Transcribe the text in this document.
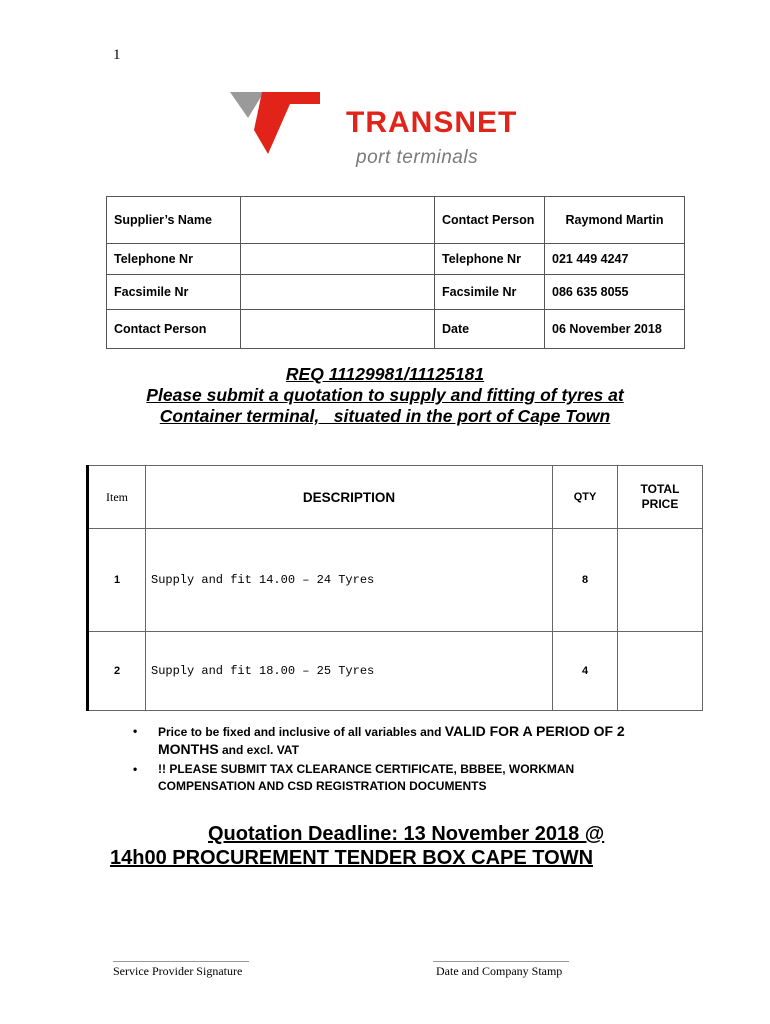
1
TRANSNET
port terminals
Supplier’s Name		Contact Person	Raymond Martin
Telephone Nr		Telephone Nr	021 449 4247
Facsimile Nr		Facsimile Nr	086 635 8055
Contact Person		Date	06 November 2018
REQ 11129981/11125181
Please submit a quotation to supply and fitting of tyres at
Container terminal,   situated in the port of Cape Town
Item	DESCRIPTION	QTY	TOTAL
PRICE

1	Supply and fit 14.00 – 24 Tyres	8	
2	Supply and fit 18.00 – 25 Tyres	4	
• Price to be fixed and inclusive of all variables and VALID FOR A PERIOD OF 2 MONTHS and excl. VAT
• !! PLEASE SUBMIT TAX CLEARANCE CERTIFICATE, BBBEE, WORKMAN COMPENSATION AND CSD REGISTRATION DOCUMENTS
Quotation Deadline: 13 November 2018 @
14h00 PROCUREMENT TENDER BOX CAPE TOWN
Service Provider Signature	Date and Company Stamp
